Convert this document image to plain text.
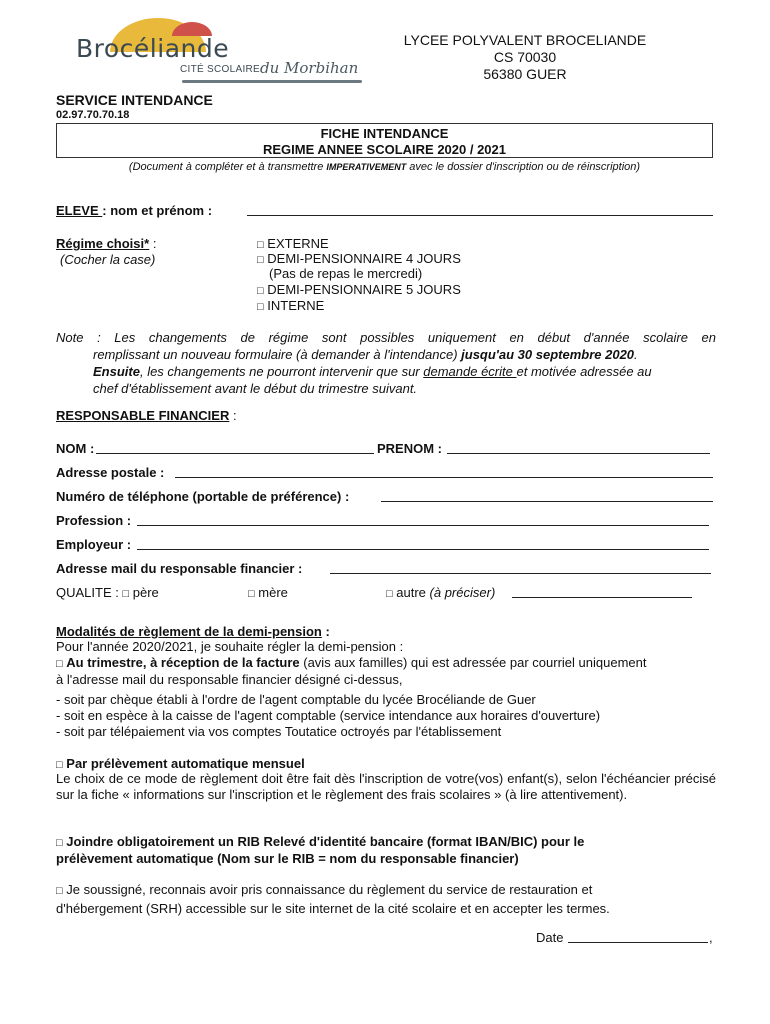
Brocéliande
CITÉ SCOLAIRE du Morbihan
LYCEE POLYVALENT BROCELIANDE
CS 70030
56380 GUER
SERVICE INTENDANCE
02.97.70.70.18
FICHE INTENDANCE
REGIME ANNEE SCOLAIRE 2020 / 2021
(Document à compléter et à transmettre IMPERATIVEMENT avec le dossier d'inscription ou de réinscription)
ELEVE : nom et prénom :
Régime choisi* :
(Cocher la case)
□ EXTERNE
□ DEMI-PENSIONNAIRE 4 JOURS
(Pas de repas le mercredi)
□ DEMI-PENSIONNAIRE 5 JOURS
□ INTERNE
Note : Les changements de régime sont possibles uniquement en début d'année scolaire en
remplissant un nouveau formulaire (à demander à l'intendance) jusqu'au 30 septembre 2020.
Ensuite, les changements ne pourront intervenir que sur demande écrite et motivée adressée au
chef d'établissement avant le début du trimestre suivant.
RESPONSABLE FINANCIER :
NOM :	PRENOM :
Adresse postale :
Numéro de téléphone (portable de préférence) :
Profession :
Employeur :
Adresse mail du responsable financier :
QUALITE : □ père	□ mère	□ autre (à préciser)
Modalités de règlement de la demi-pension :
Pour l'année 2020/2021, je souhaite régler la demi-pension :
□ Au trimestre, à réception de la facture (avis aux familles) qui est adressée par courriel uniquement
à l'adresse mail du responsable financier désigné ci-dessus,
- soit par chèque établi à l'ordre de l'agent comptable du lycée Brocéliande de Guer
- soit en espèce à la caisse de l'agent comptable (service intendance aux horaires d'ouverture)
- soit par télépaiement via vos comptes Toutatice octroyés par l'établissement
□ Par prélèvement automatique mensuel
Le choix de ce mode de règlement doit être fait dès l'inscription de votre(vos) enfant(s), selon l'échéancier précisé sur la fiche « informations sur l'inscription et le règlement des frais scolaires » (à lire attentivement).
□ Joindre obligatoirement un RIB Relevé d'identité bancaire (format IBAN/BIC) pour le
prélèvement automatique (Nom sur le RIB = nom du responsable financier)
□ Je soussigné, reconnais avoir pris connaissance du règlement du service de restauration et
d'hébergement (SRH) accessible sur le site internet de la cité scolaire et en accepter les termes.
Date	,
